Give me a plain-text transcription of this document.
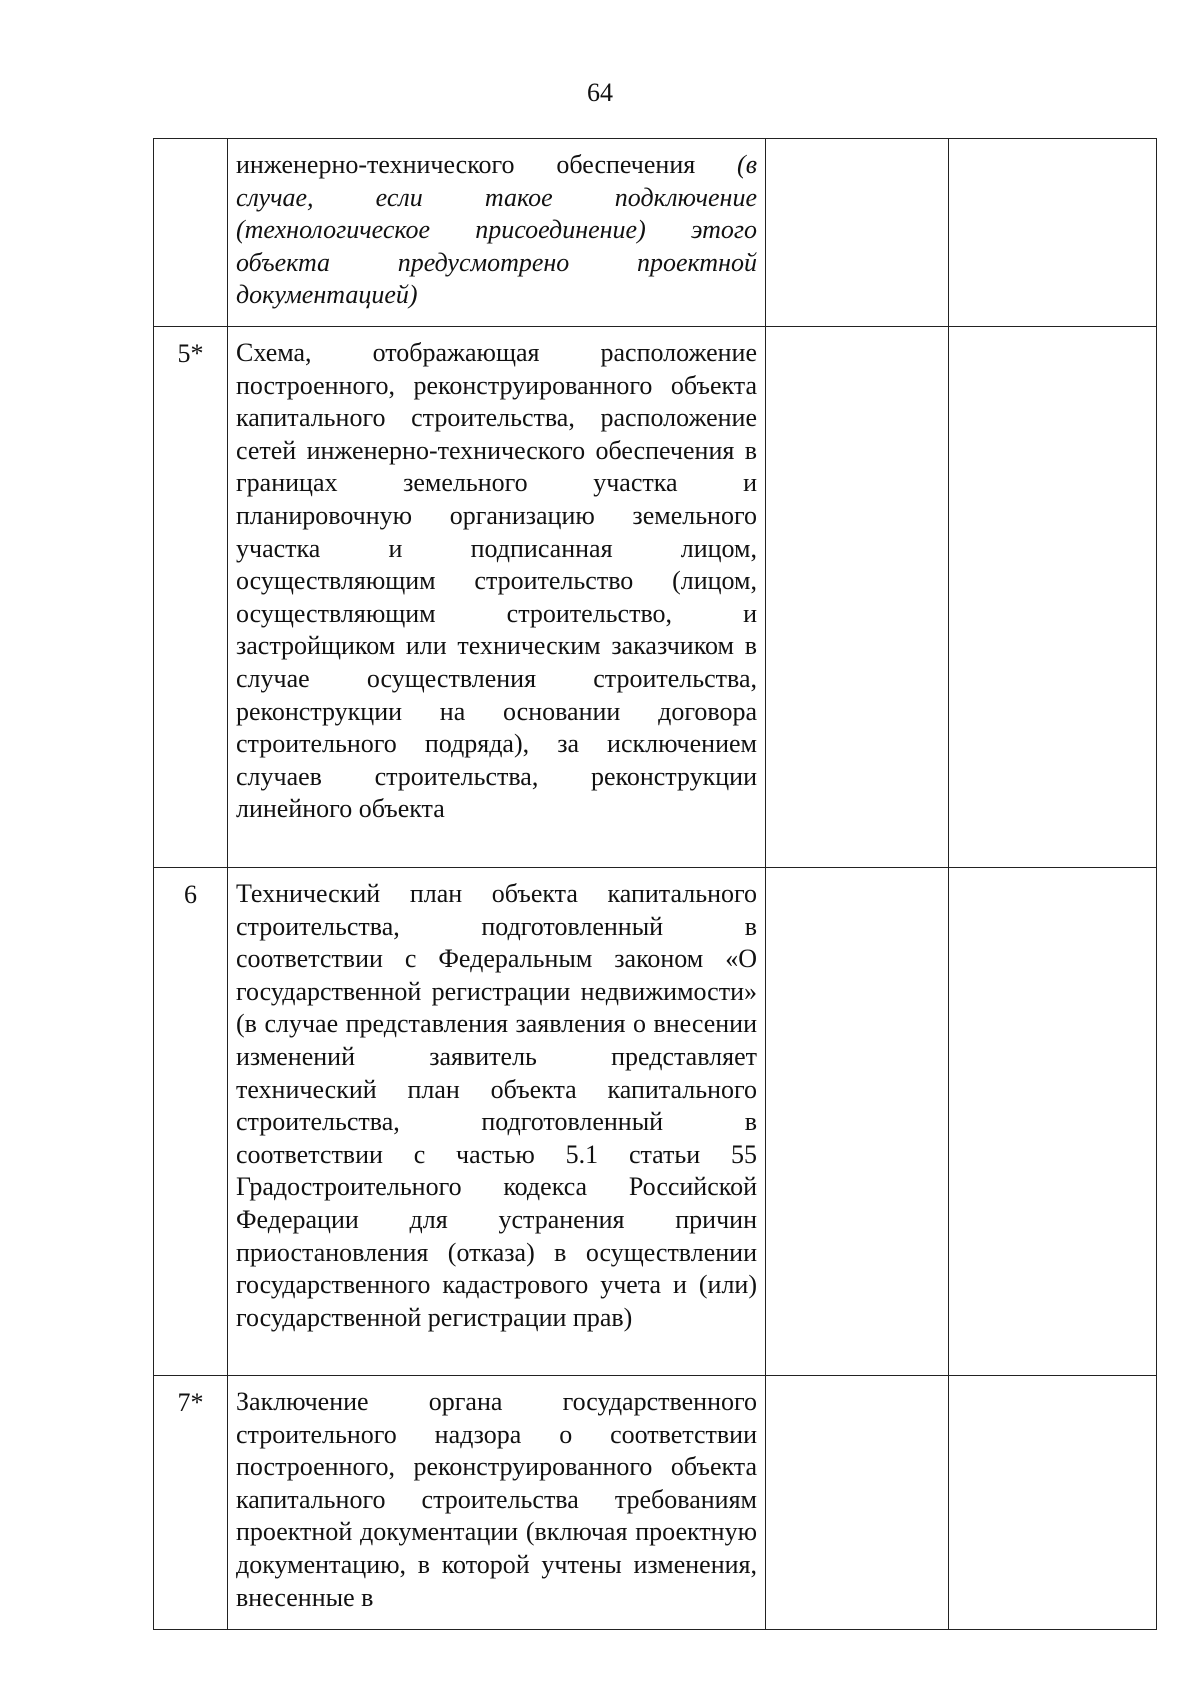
64
	инженерно-технического обеспечения (в случае, если такое подключение (технологическое присоединение) этого объекта предусмотрено проектной документацией)		
5*	Схема, отображающая расположение построенного, реконструированного объекта капитального строительства, расположение сетей инженерно-технического обеспечения в границах земельного участка и планировочную организацию земельного участка и подписанная лицом, осуществляющим строительство (лицом, осуществляющим строительство, и застройщиком или техническим заказчиком в случае осуществления строительства, реконструкции на основании договора строительного подряда), за исключением случаев строительства, реконструкции линейного объекта		
6	Технический план объекта капитального строительства, подготовленный в соответствии с Федеральным законом «О государственной регистрации недвижимости» (в случае представления заявления о внесении изменений заявитель представляет технический план объекта капитального строительства, подготовленный в соответствии с частью 5.1 статьи 55 Градостроительного кодекса Российской Федерации для устранения причин приостановления (отказа) в осуществлении государственного кадастрового учета и (или) государственной регистрации прав)		
7*	Заключение органа государственного строительного надзора о соответствии построенного, реконструированного объекта капитального строительства требованиям проектной документации (включая проектную документацию, в которой учтены изменения, внесенные в		
